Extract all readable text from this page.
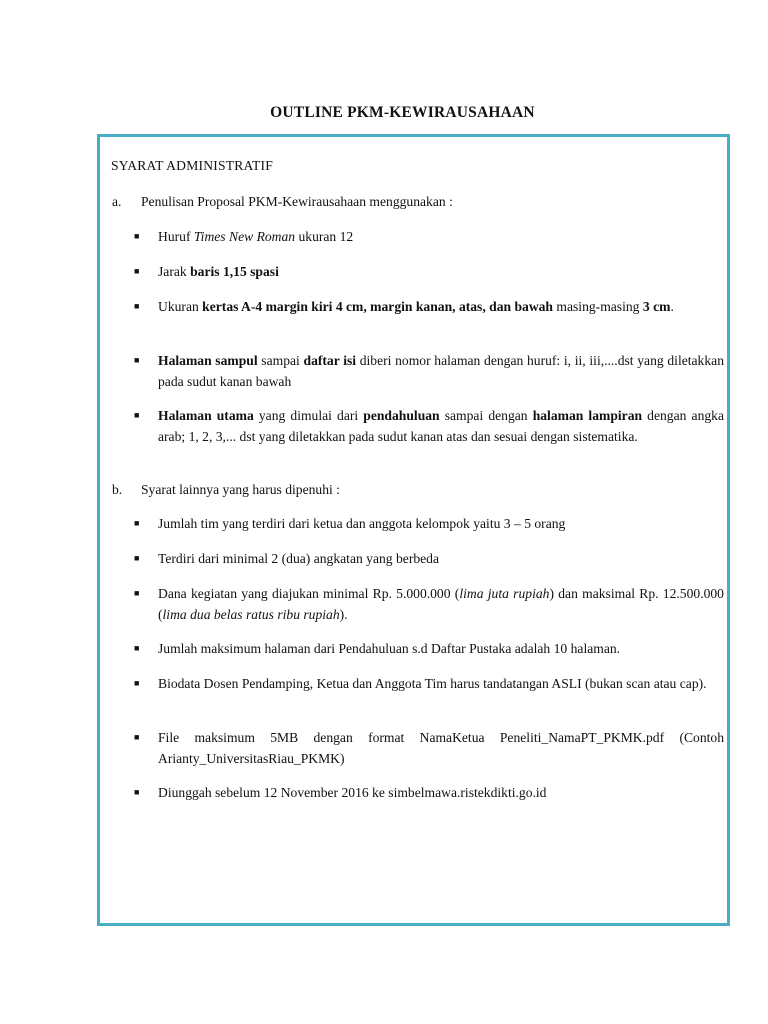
OUTLINE PKM-KEWIRAUSAHAAN
SYARAT ADMINISTRATIF
a. Penulisan Proposal PKM-Kewirausahaan menggunakan :
■ Huruf Times New Roman ukuran 12
■ Jarak baris 1,15 spasi
■ Ukuran kertas A-4 margin kiri 4 cm, margin kanan, atas, dan bawah masing-masing 3 cm.
■ Halaman sampul sampai daftar isi diberi nomor halaman dengan huruf: i, ii, iii,....dst yang diletakkan pada sudut kanan bawah
■ Halaman utama yang dimulai dari pendahuluan sampai dengan halaman lampiran dengan angka arab; 1, 2, 3,... dst yang diletakkan pada sudut kanan atas dan sesuai dengan sistematika.
b. Syarat lainnya yang harus dipenuhi :
■ Jumlah tim yang terdiri dari ketua dan anggota kelompok yaitu 3 – 5 orang
■ Terdiri dari minimal 2 (dua) angkatan yang berbeda
■ Dana kegiatan yang diajukan minimal Rp. 5.000.000 (lima juta rupiah) dan maksimal Rp. 12.500.000 (lima dua belas ratus ribu rupiah).
■ Jumlah maksimum halaman dari Pendahuluan s.d Daftar Pustaka adalah 10 halaman.
■ Biodata Dosen Pendamping, Ketua dan Anggota Tim harus tandatangan ASLI (bukan scan atau cap).
■ File maksimum 5MB dengan format NamaKetua Peneliti_NamaPT_PKMK.pdf (Contoh Arianty_UniversitasRiau_PKMK)
■ Diunggah sebelum 12 November 2016 ke simbelmawa.ristekdikti.go.id
